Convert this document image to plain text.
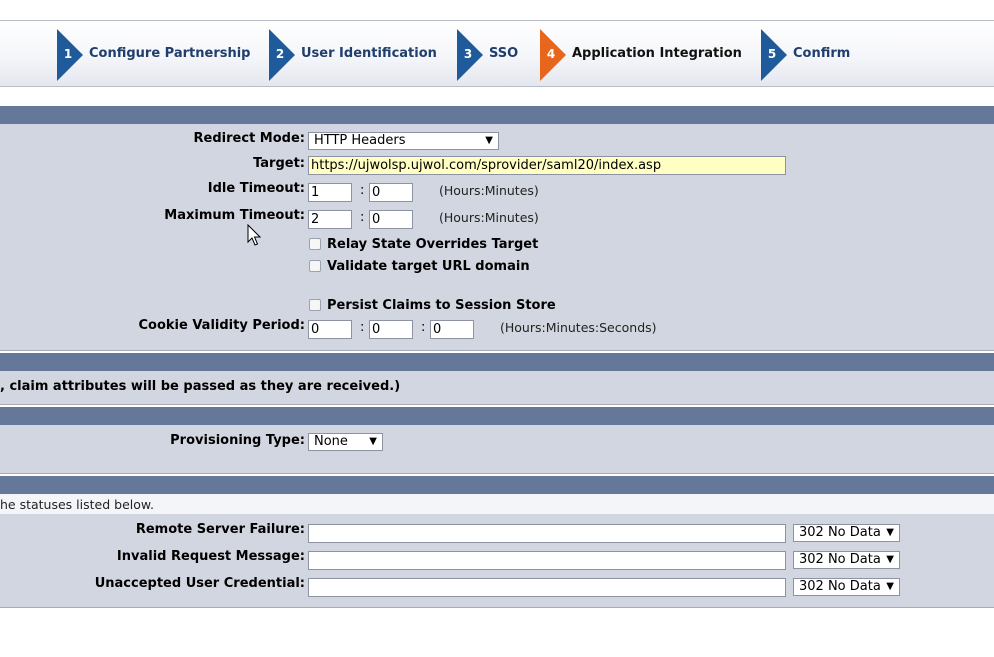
1 Configure Partnership 2 User Identification 3 SSO 4 Application Integration 5 Confirm
Redirect Mode: HTTP Headers	▼
Target:
https://ujwolsp.ujwol.com/sprovider/saml20/index.asp
Idle Timeout:
1	:
0	(Hours:Minutes)
Maximum Timeout:
2	:
0	(Hours:Minutes)
Relay State Overrides Target
Validate target URL domain
Persist Claims to Session Store
Cookie Validity Period:
0	:
0	:
0	(Hours:Minutes:Seconds)
, claim attributes will be passed as they are received.)
Provisioning Type: None ▼
he statuses listed below.
Remote Server Failure:	302 No Data ▼
Invalid Request Message:	302 No Data ▼
Unaccepted User Credential:	302 No Data ▼
